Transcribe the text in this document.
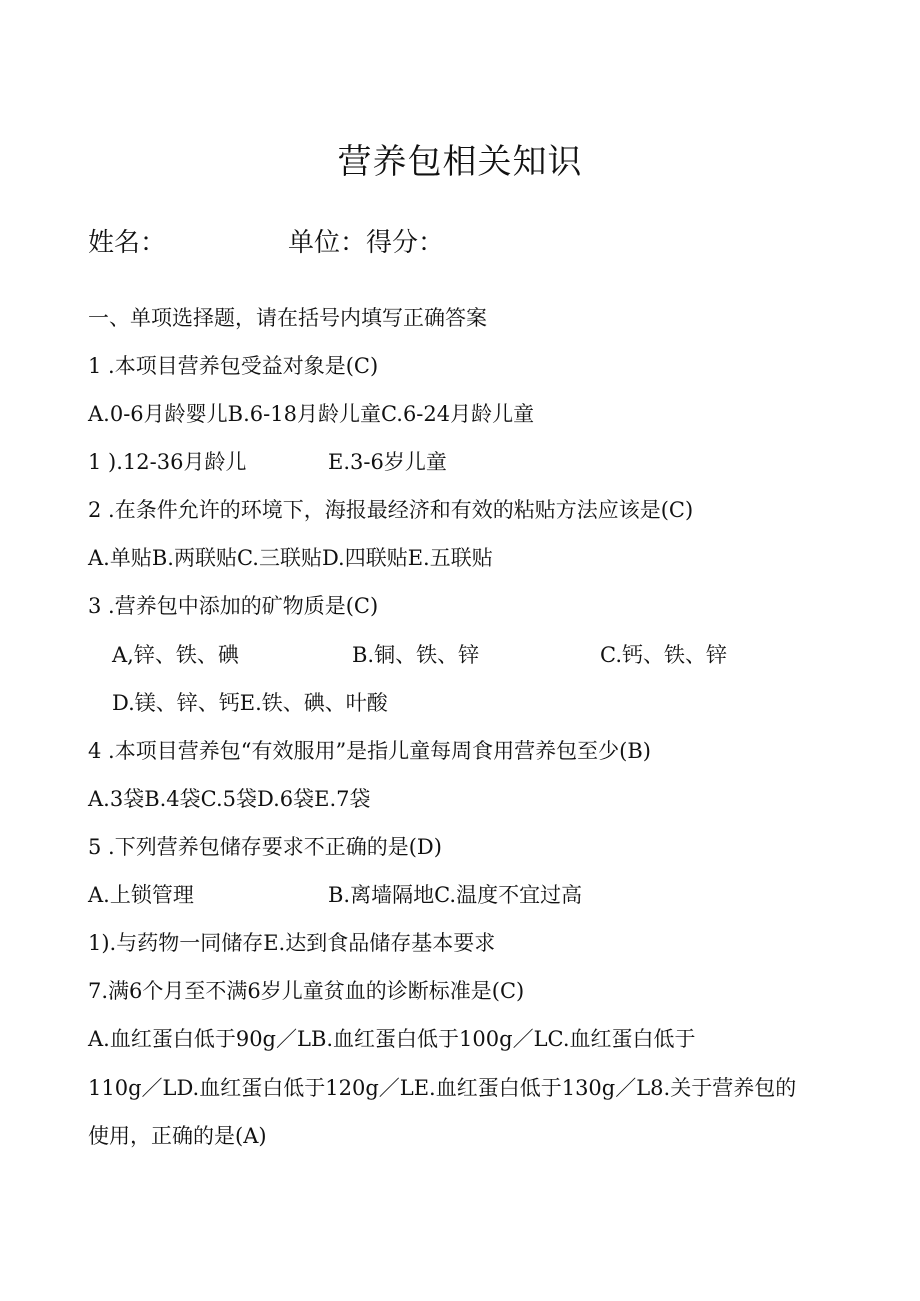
营养包相关知识
姓名：	单位：得分：
一、单项选择题，请在括号内填写正确答案
1 .本项目营养包受益对象是(C)
A.0-6月龄婴儿B.6-18月龄儿童C.6-24月龄儿童
1 ).12-36月龄儿	E.3-6岁儿童
2 .在条件允许的环境下，海报最经济和有效的粘贴方法应该是(C)
A.单贴B.两联贴C.三联贴D.四联贴E.五联贴
3 .营养包中添加的矿物质是(C)
A,锌、铁、碘	B.铜、铁、锌	C.钙、铁、锌
D.镁、锌、钙E.铁、碘、叶酸
4 .本项目营养包“有效服用”是指儿童每周食用营养包至少(B)
A.3袋B.4袋C.5袋D.6袋E.7袋
5 .下列营养包储存要求不正确的是(D)
A.上锁管理	B.离墙隔地C.温度不宜过高
1).与药物一同储存E.达到食品储存基本要求
7.满6个月至不满6岁儿童贫血的诊断标准是(C)
A.血红蛋白低于90g／LB.血红蛋白低于100g／LC.血红蛋白低于
110g／LD.血红蛋白低于120g／LE.血红蛋白低于130g／L8.关于营养包的
使用，正确的是(A)
